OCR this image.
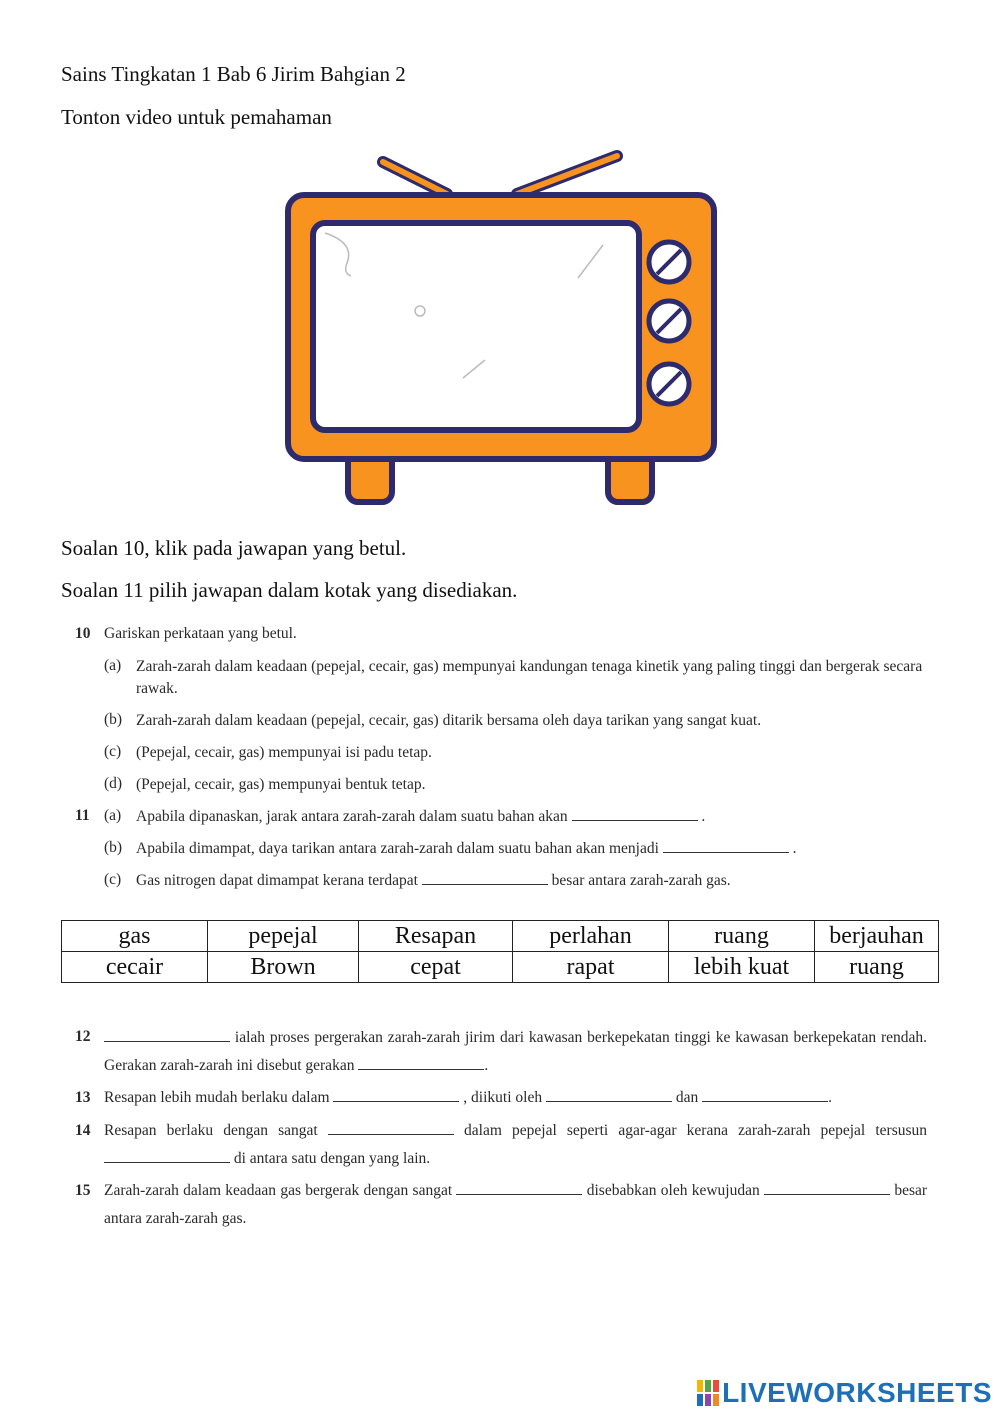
Sains Tingkatan 1 Bab 6 Jirim Bahgian 2
Tonton video untuk pemahaman
Soalan 10, klik pada jawapan yang betul.
Soalan 11 pilih jawapan dalam kotak yang disediakan.
10 Gariskan perkataan yang betul.
(a) Zarah-zarah dalam keadaan (pepejal, cecair, gas) mempunyai kandungan tenaga kinetik yang paling tinggi dan bergerak secara rawak.
(b) Zarah-zarah dalam keadaan (pepejal, cecair, gas) ditarik bersama oleh daya tarikan yang sangat kuat.
(c) (Pepejal, cecair, gas) mempunyai isi padu tetap.
(d) (Pepejal, cecair, gas) mempunyai bentuk tetap.
11 (a) Apabila dipanaskan, jarak antara zarah-zarah dalam suatu bahan akan	.
(b) Apabila dimampat, daya tarikan antara zarah-zarah dalam suatu bahan akan menjadi	.
(c) Gas nitrogen dapat dimampat kerana terdapat	besar antara zarah-zarah gas.
gas	pepejal	Resapan	perlahan	ruang	berjauhan
cecair	Brown	cepat	rapat	lebih kuat	ruang
12	ialah proses pergerakan zarah-zarah jirim dari kawasan berkepekatan tinggi ke kawasan berkepekatan rendah. Gerakan zarah-zarah ini disebut gerakan	.
13 Resapan lebih mudah berlaku dalam	, diikuti oleh	dan	.
14 Resapan berlaku dengan sangat	dalam pepejal seperti agar-agar kerana zarah-zarah pepejal tersusun  di antara satu dengan yang lain.
15 Zarah-zarah dalam keadaan gas bergerak dengan sangat	disebabkan oleh kewujudan	besar antara zarah-zarah gas.
LIVEWORKSHEETS
